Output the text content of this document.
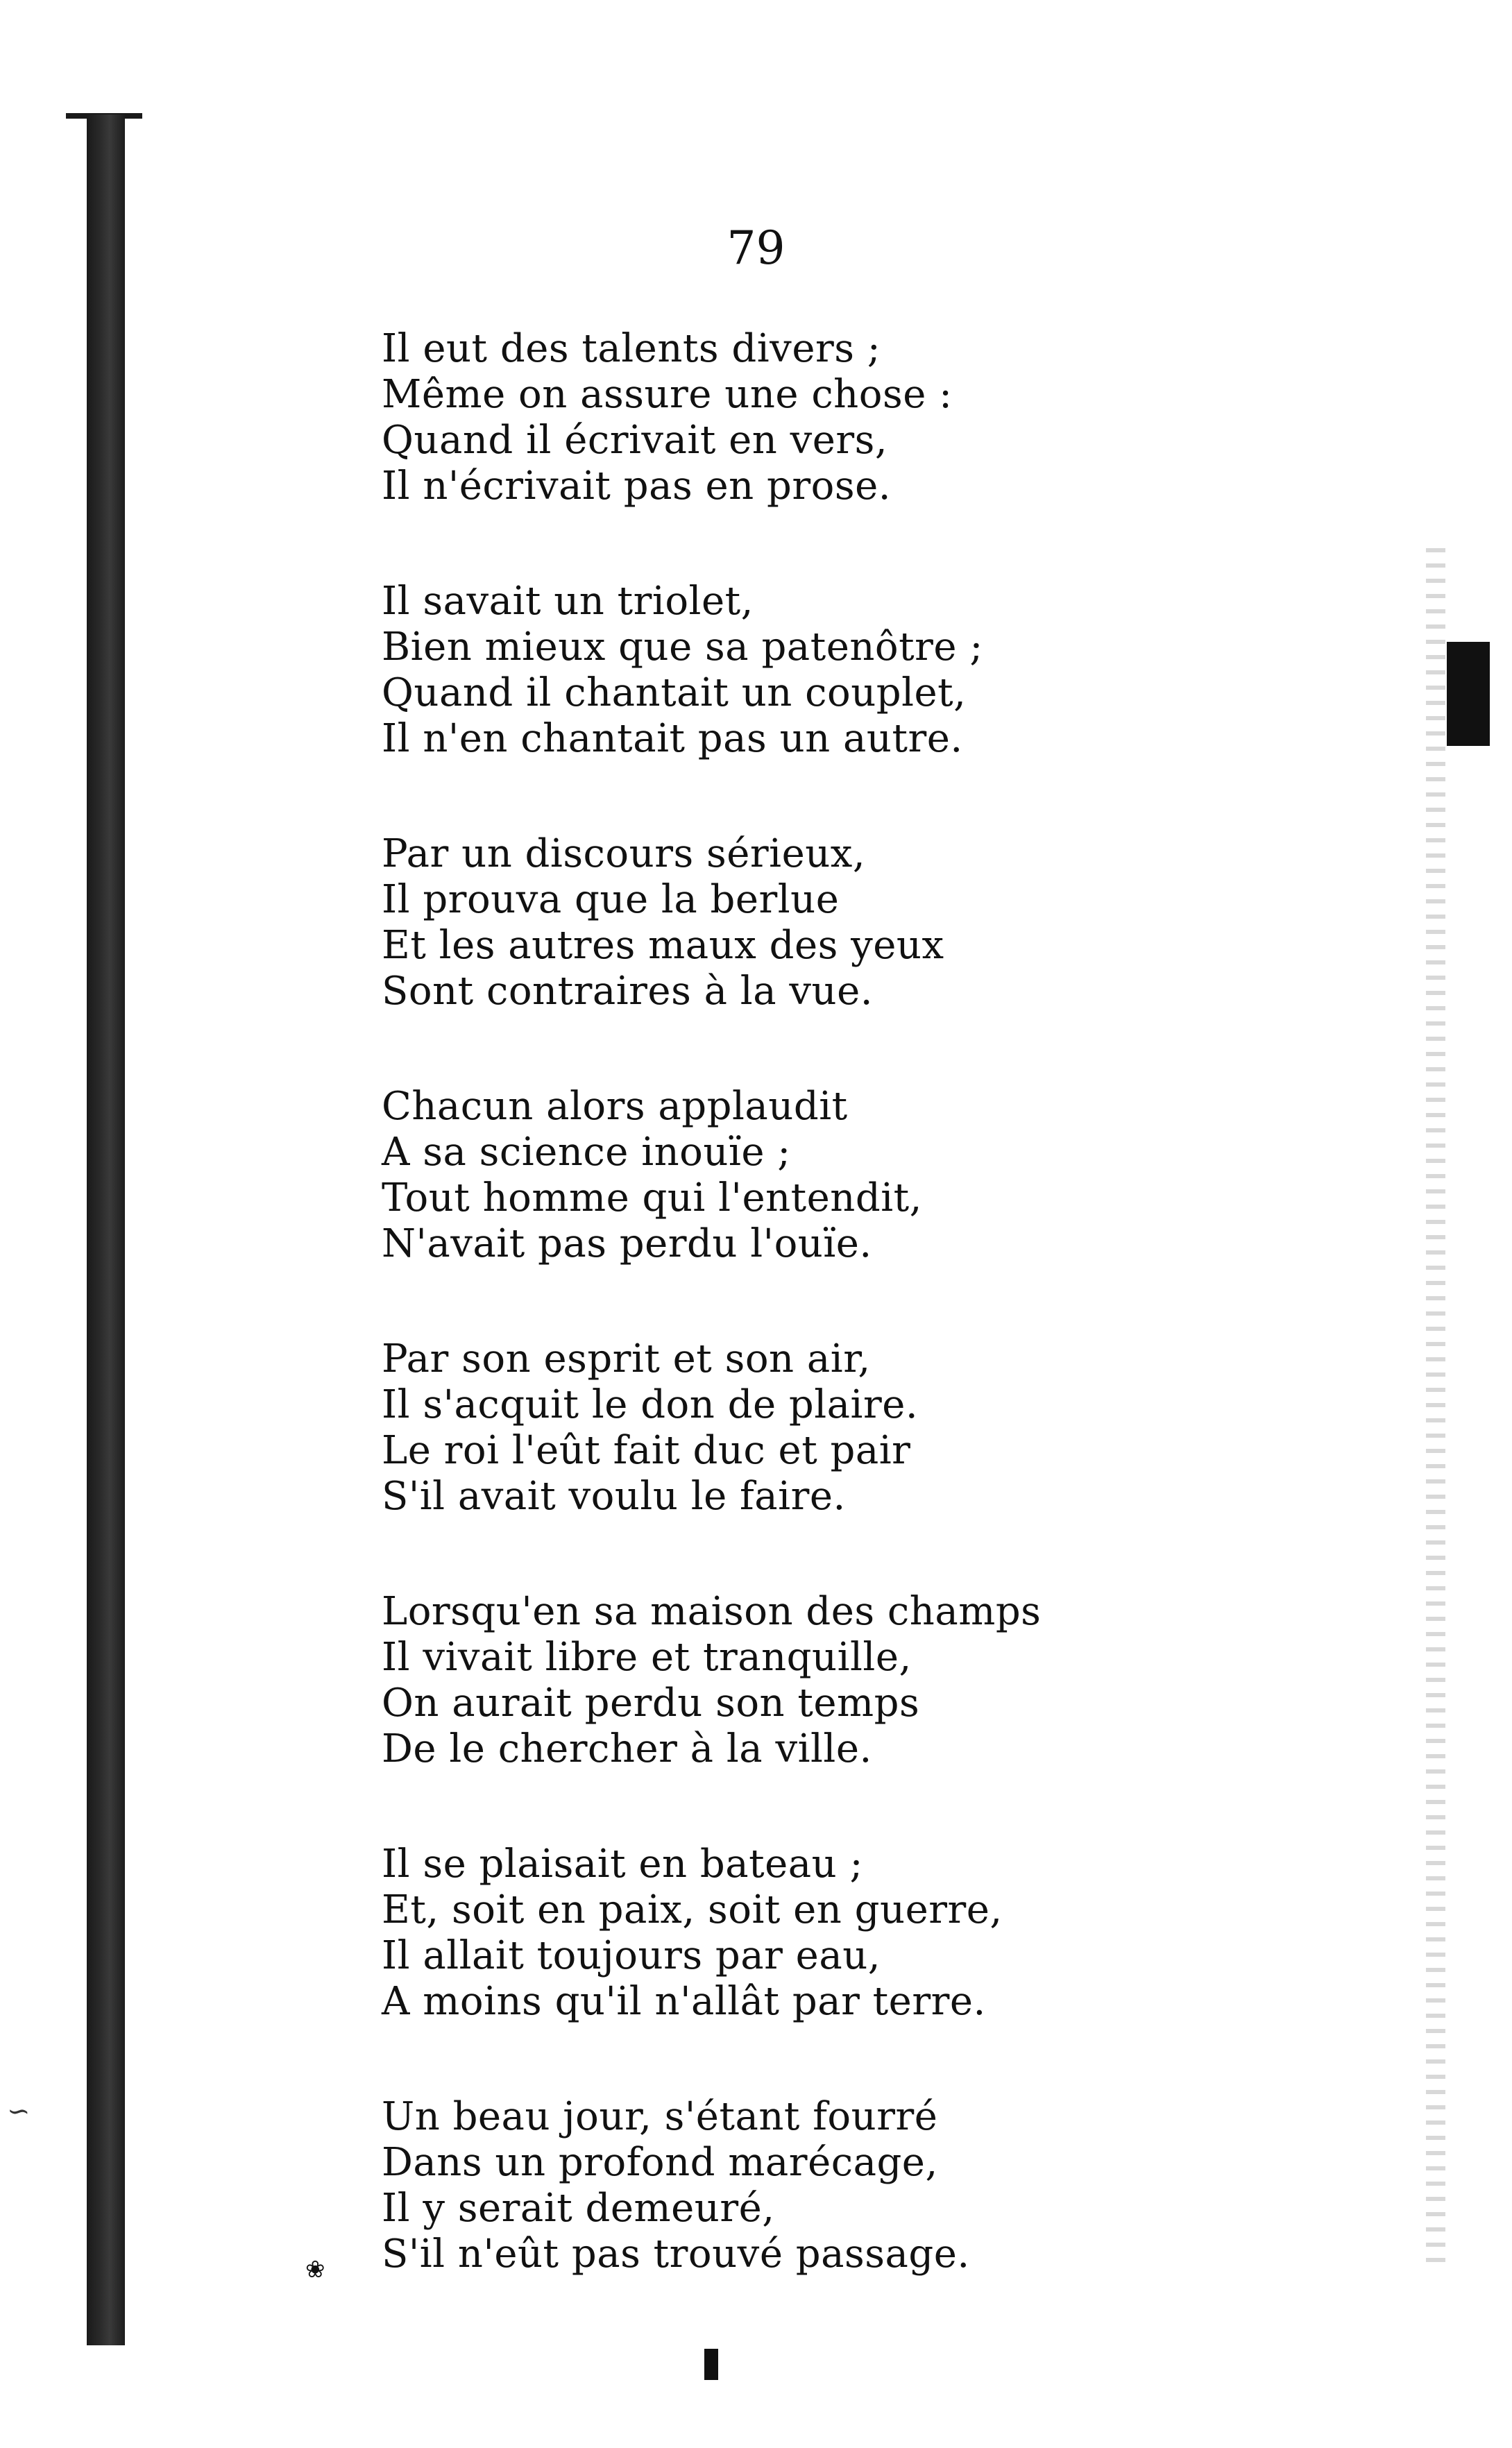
79
Il eut des talents divers ;
Même on assure une chose :
Quand il écrivait en vers,
Il n'écrivait pas en prose.
Il savait un triolet,
Bien mieux que sa patenôtre ;
Quand il chantait un couplet,
Il n'en chantait pas un autre.
Par un discours sérieux,
Il prouva que la berlue
Et les autres maux des yeux
Sont contraires à la vue.
Chacun alors applaudit
A sa science inouïe ;
Tout homme qui l'entendit,
N'avait pas perdu l'ouïe.
Par son esprit et son air,
Il s'acquit le don de plaire.
Le roi l'eût fait duc et pair
S'il avait voulu le faire.
Lorsqu'en sa maison des champs
Il vivait libre et tranquille,
On aurait perdu son temps
De le chercher à la ville.
Il se plaisait en bateau ;
Et, soit en paix, soit en guerre,
Il allait toujours par eau,
A moins qu'il n'allât par terre.
Un beau jour, s'étant fourré
Dans un profond marécage,
Il y serait demeuré,
S'il n'eût pas trouvé passage.
❀
∽
